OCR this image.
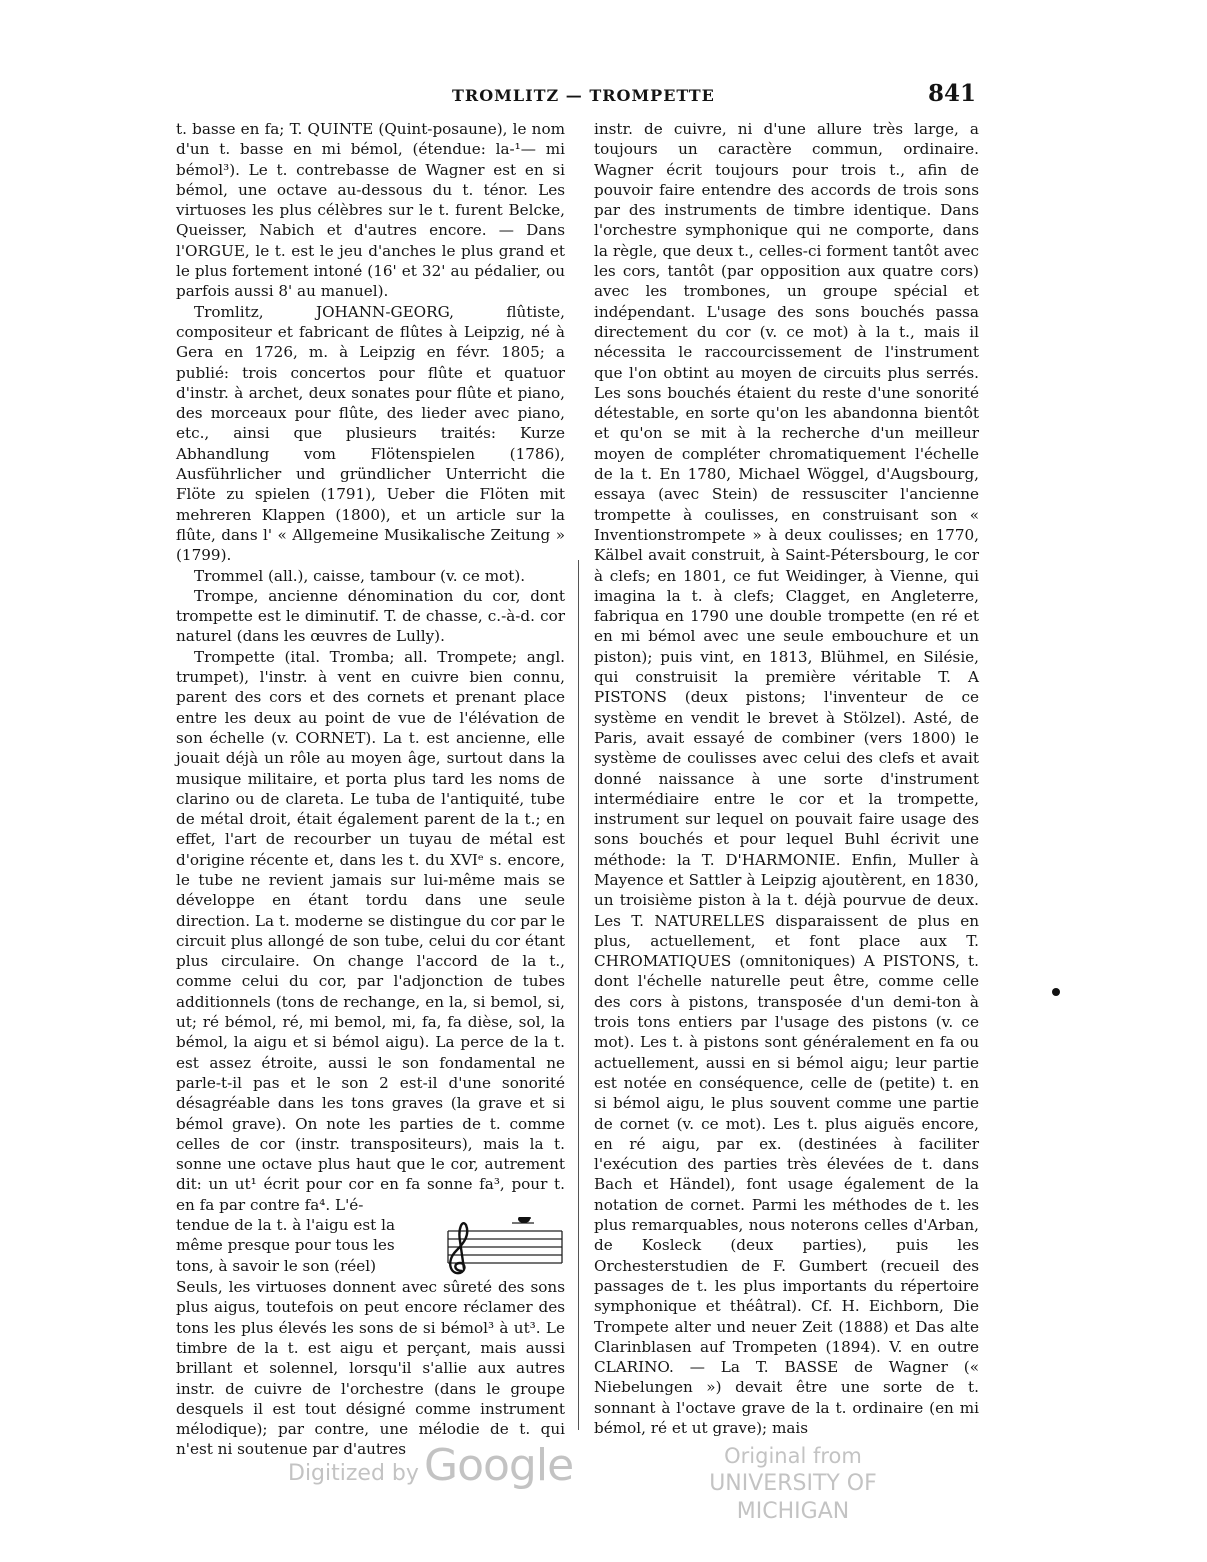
TROMLITZ — TROMPETTE	841

t. basse en fa; T. QUINTE (Quint-posaune), le nom d'un t. basse en mi bémol, (étendue: la-¹— mi bémol³). Le t. contrebasse de Wagner est en si bémol, une octave au-dessous du t. ténor. Les virtuoses les plus célèbres sur le t. furent Belcke, Queisser, Nabich et d'autres encore. — Dans l'ORGUE, le t. est le jeu d'anches le plus grand et le plus fortement intoné (16' et 32' au pédalier, ou parfois aussi 8' au manuel).

Tromlitz, JOHANN-GEORG, flûtiste, compositeur et fabricant de flûtes à Leipzig, né à Gera en 1726, m. à Leipzig en févr. 1805; a publié: trois concertos pour flûte et quatuor d'instr. à archet, deux sonates pour flûte et piano, des morceaux pour flûte, des lieder avec piano, etc., ainsi que plusieurs traités: Kurze Abhandlung vom Flötenspielen (1786), Ausführlicher und gründlicher Unterricht die Flöte zu spielen (1791), Ueber die Flöten mit mehreren Klappen (1800), et un article sur la flûte, dans l' « Allgemeine Musikalische Zeitung » (1799).

Trommel (all.), caisse, tambour (v. ce mot).

Trompe, ancienne dénomination du cor, dont trompette est le diminutif. T. de chasse, c.-à-d. cor naturel (dans les œuvres de Lully).

Trompette (ital. Tromba; all. Trompete; angl. trumpet), l'instr. à vent en cuivre bien connu, parent des cors et des cornets et prenant place entre les deux au point de vue de l'élévation de son échelle (v. CORNET). La t. est ancienne, elle jouait déjà un rôle au moyen âge, surtout dans la musique militaire, et porta plus tard les noms de clarino ou de clareta. Le tuba de l'antiquité, tube de métal droit, était également parent de la t.; en effet, l'art de recourber un tuyau de métal est d'origine récente et, dans les t. du XVIᵉ s. encore, le tube ne revient jamais sur lui-même mais se développe en étant tordu dans une seule direction. La t. moderne se distingue du cor par le circuit plus allongé de son tube, celui du cor étant plus circulaire. On change l'accord de la t., comme celui du cor, par l'adjonction de tubes additionnels (tons de rechange, en la, si bemol, si, ut; ré bémol, ré, mi bemol, mi, fa, fa dièse, sol, la bémol, la aigu et si bémol aigu). La perce de la t. est assez étroite, aussi le son fondamental ne parle-t-il pas et le son 2 est-il d'une sonorité désagréable dans les tons graves (la grave et si bémol grave). On note les parties de t. comme celles de cor (instr. transpositeurs), mais la t. sonne une octave plus haut que le cor, autrement dit: un ut¹ écrit pour cor en fa sonne fa³, pour t. en fa par contre fa⁴. L'é-

tendue de la t. à l'aigu est la
même presque pour tous les
tons, à savoir le son (réel)

Seuls, les virtuoses donnent avec sûreté des sons plus aigus, toutefois on peut encore réclamer des tons les plus élevés les sons de si bémol³ à ut³. Le timbre de la t. est aigu et perçant, mais aussi brillant et solennel, lorsqu'il s'allie aux autres instr. de cuivre de l'orchestre (dans le groupe desquels il est tout désigné comme instrument mélodique); par contre, une mélodie de t. qui n'est ni soutenue par d'autres

instr. de cuivre, ni d'une allure très large, a toujours un caractère commun, ordinaire. Wagner écrit toujours pour trois t., afin de pouvoir faire entendre des accords de trois sons par des instruments de timbre identique. Dans l'orchestre symphonique qui ne comporte, dans la règle, que deux t., celles-ci forment tantôt avec les cors, tantôt (par opposition aux quatre cors) avec les trombones, un groupe spécial et indépendant. L'usage des sons bouchés passa directement du cor (v. ce mot) à la t., mais il nécessita le raccourcissement de l'instrument que l'on obtint au moyen de circuits plus serrés. Les sons bouchés étaient du reste d'une sonorité détestable, en sorte qu'on les abandonna bientôt et qu'on se mit à la recherche d'un meilleur moyen de compléter chromatiquement l'échelle de la t. En 1780, Michael Wöggel, d'Augsbourg, essaya (avec Stein) de ressusciter l'ancienne trompette à coulisses, en construisant son « Inventionstrompete » à deux coulisses; en 1770, Kälbel avait construit, à Saint-Pétersbourg, le cor à clefs; en 1801, ce fut Weidinger, à Vienne, qui imagina la t. à clefs; Clagget, en Angleterre, fabriqua en 1790 une double trompette (en ré et en mi bémol avec une seule embouchure et un piston); puis vint, en 1813, Blühmel, en Silésie, qui construisit la première véritable T. A PISTONS (deux pistons; l'inventeur de ce système en vendit le brevet à Stölzel). Asté, de Paris, avait essayé de combiner (vers 1800) le système de coulisses avec celui des clefs et avait donné naissance à une sorte d'instrument intermédiaire entre le cor et la trompette, instrument sur lequel on pouvait faire usage des sons bouchés et pour lequel Buhl écrivit une méthode: la T. D'HARMONIE. Enfin, Muller à Mayence et Sattler à Leipzig ajoutèrent, en 1830, un troisième piston à la t. déjà pourvue de deux. Les T. NATURELLES disparaissent de plus en plus, actuellement, et font place aux T. CHROMATIQUES (omnitoniques) A PISTONS, t. dont l'échelle naturelle peut être, comme celle des cors à pistons, transposée d'un demi-ton à trois tons entiers par l'usage des pistons (v. ce mot). Les t. à pistons sont généralement en fa ou actuellement, aussi en si bémol aigu; leur partie est notée en conséquence, celle de (petite) t. en si bémol aigu, le plus souvent comme une partie de cornet (v. ce mot). Les t. plus aiguës encore, en ré aigu, par ex. (destinées à faciliter l'exécution des parties très élevées de t. dans Bach et Händel), font usage également de la notation de cornet. Parmi les méthodes de t. les plus remarquables, nous noterons celles d'Arban, de Kosleck (deux parties), puis les Orchesterstudien de F. Gumbert (recueil des passages de t. les plus importants du répertoire symphonique et théâtral). Cf. H. Eichborn, Die Trompete alter und neuer Zeit (1888) et Das alte Clarinblasen auf Trompeten (1894). V. en outre CLARINO. — La T. BASSE de Wagner (« Niebelungen ») devait être une sorte de t. sonnant à l'octave grave de la t. ordinaire (en mi bémol, ré et ut grave); mais

Digitized by Google	Original from
UNIVERSITY OF MICHIGAN
